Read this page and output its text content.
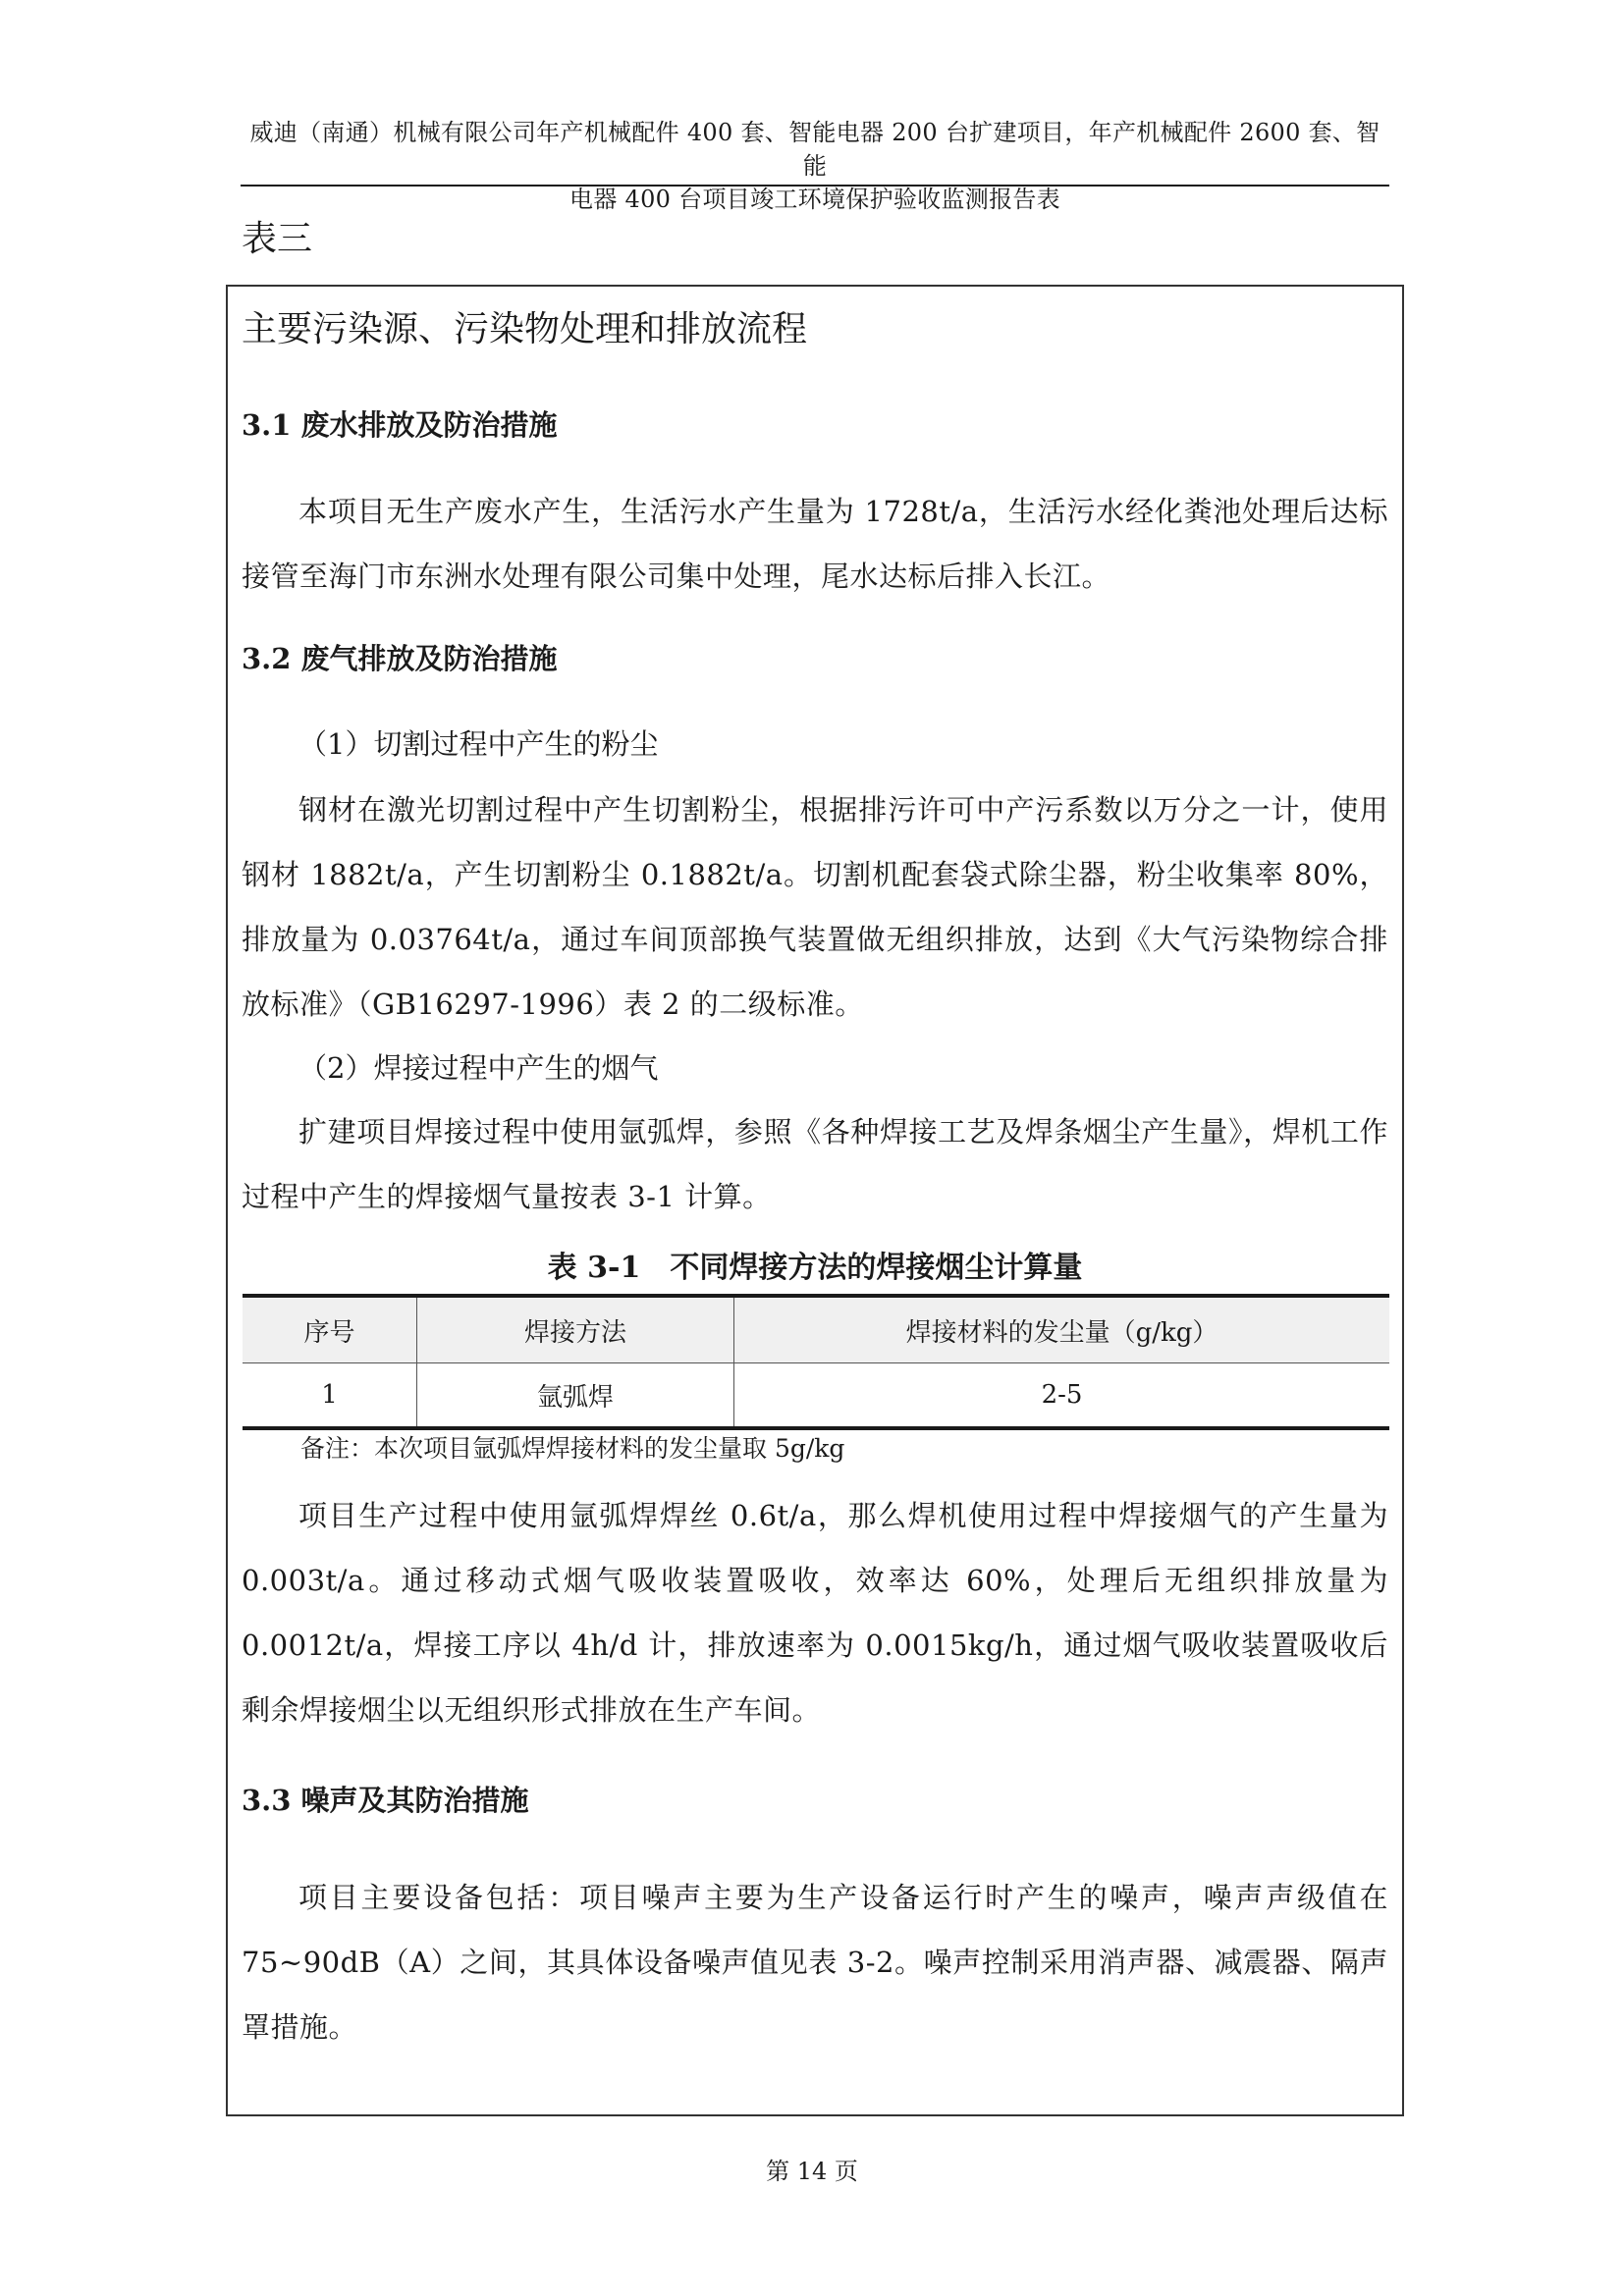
威迪（南通）机械有限公司年产机械配件 400 套、智能电器 200 台扩建项目，年产机械配件 2600 套、智能
电器 400 台项目竣工环境保护验收监测报告表
表三
主要污染源、污染物处理和排放流程
3.1 废水排放及防治措施
本项目无生产废水产生，生活污水产生量为 1728t/a，生活污水经化粪池处理后达标接管至海门市东洲水处理有限公司集中处理，尾水达标后排入长江。
3.2 废气排放及防治措施
（1）切割过程中产生的粉尘
钢材在激光切割过程中产生切割粉尘，根据排污许可中产污系数以万分之一计，使用钢材 1882t/a，产生切割粉尘 0.1882t/a。切割机配套袋式除尘器，粉尘收集率 80%，排放量为 0.03764t/a，通过车间顶部换气装置做无组织排放，达到《大气污染物综合排放标准》（GB16297-1996）表 2 的二级标准。
（2）焊接过程中产生的烟气
扩建项目焊接过程中使用氩弧焊，参照《各种焊接工艺及焊条烟尘产生量》，焊机工作过程中产生的焊接烟气量按表 3-1 计算。
表 3-1　不同焊接方法的焊接烟尘计算量
序号	焊接方法	焊接材料的发尘量（g/kg）
1	氩弧焊	2-5
备注：本次项目氩弧焊焊接材料的发尘量取 5g/kg
项目生产过程中使用氩弧焊焊丝 0.6t/a，那么焊机使用过程中焊接烟气的产生量为 0.003t/a。通过移动式烟气吸收装置吸收，效率达 60%，处理后无组织排放量为 0.0012t/a，焊接工序以 4h/d 计，排放速率为 0.0015kg/h，通过烟气吸收装置吸收后剩余焊接烟尘以无组织形式排放在生产车间。
3.3 噪声及其防治措施
项目主要设备包括：项目噪声主要为生产设备运行时产生的噪声，噪声声级值在 75~90dB（A）之间，其具体设备噪声值见表 3-2。噪声控制采用消声器、减震器、隔声罩措施。
第 14 页
